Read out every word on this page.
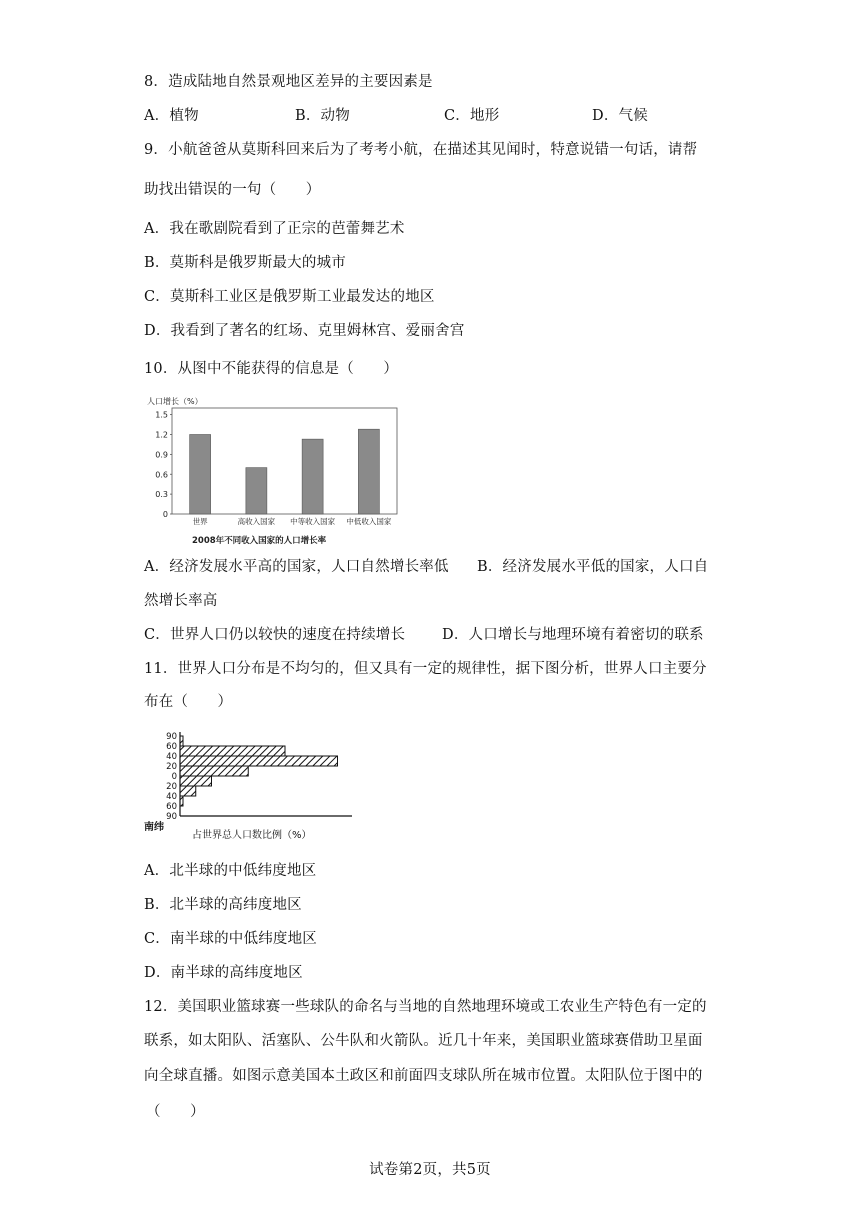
8．造成陆地自然景观地区差异的主要因素是
A．植物	B．动物	C．地形	D．气候
9．小航爸爸从莫斯科回来后为了考考小航，在描述其见闻时，特意说错一句话，请帮
助找出错误的一句（　　）
A．我在歌剧院看到了正宗的芭蕾舞艺术
B．莫斯科是俄罗斯最大的城市
C．莫斯科工业区是俄罗斯工业最发达的地区
D．我看到了著名的红场、克里姆林宫、爱丽舍宫
10．从图中不能获得的信息是（　　）
人口增长（%）
0
0.3
0.6
0.9
1.2
1.5
世界	高收入国家 中等收入国家 中低收入国家
2008年不同收入国家的人口增长率
A．经济发展水平高的国家，人口自然增长率低 B．经济发展水平低的国家，人口自
然增长率高
C．世界人口仍以较快的速度在持续增长	D．人口增长与地理环境有着密切的联系
11．世界人口分布是不均匀的，但又具有一定的规律性，据下图分析，世界人口主要分
布在（　　）
90
60
40
20
0
20
40
60
90
南纬
占世界总人口数比例（%）
A．北半球的中低纬度地区
B．北半球的高纬度地区
C．南半球的中低纬度地区
D．南半球的高纬度地区
12．美国职业篮球赛一些球队的命名与当地的自然地理环境或工农业生产特色有一定的
联系，如太阳队、活塞队、公牛队和火箭队。近几十年来，美国职业篮球赛借助卫星面
向全球直播。如图示意美国本土政区和前面四支球队所在城市位置。太阳队位于图中的
（　　）
试卷第2页，共5页
